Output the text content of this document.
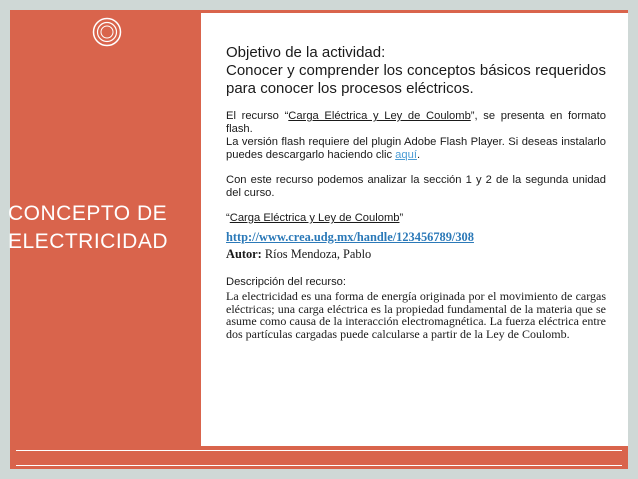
CONCEPTO DE
ELECTRICIDAD

Objetivo de la actividad:

Conocer y comprender los conceptos básicos requeridos para conocer los procesos eléctricos.

El recurso “Carga Eléctrica y Ley de Coulomb”, se presenta en formato flash.

La versión flash requiere del plugin Adobe Flash Player. Si deseas instalarlo puedes descargarlo haciendo clic aquí.

Con este recurso podemos analizar la sección 1 y 2 de la segunda unidad del curso.

“Carga Eléctrica y Ley de Coulomb”

http://www.crea.udg.mx/handle/123456789/308

Autor: Ríos Mendoza, Pablo

Descripción del recurso:

La electricidad es una forma de energía originada por el movimiento de cargas eléctricas; una carga eléctrica es la propiedad fundamental de la materia que se asume como causa de la interacción electromagnética. La fuerza eléctrica entre dos partículas cargadas puede calcularse a partir de la Ley de Coulomb.
